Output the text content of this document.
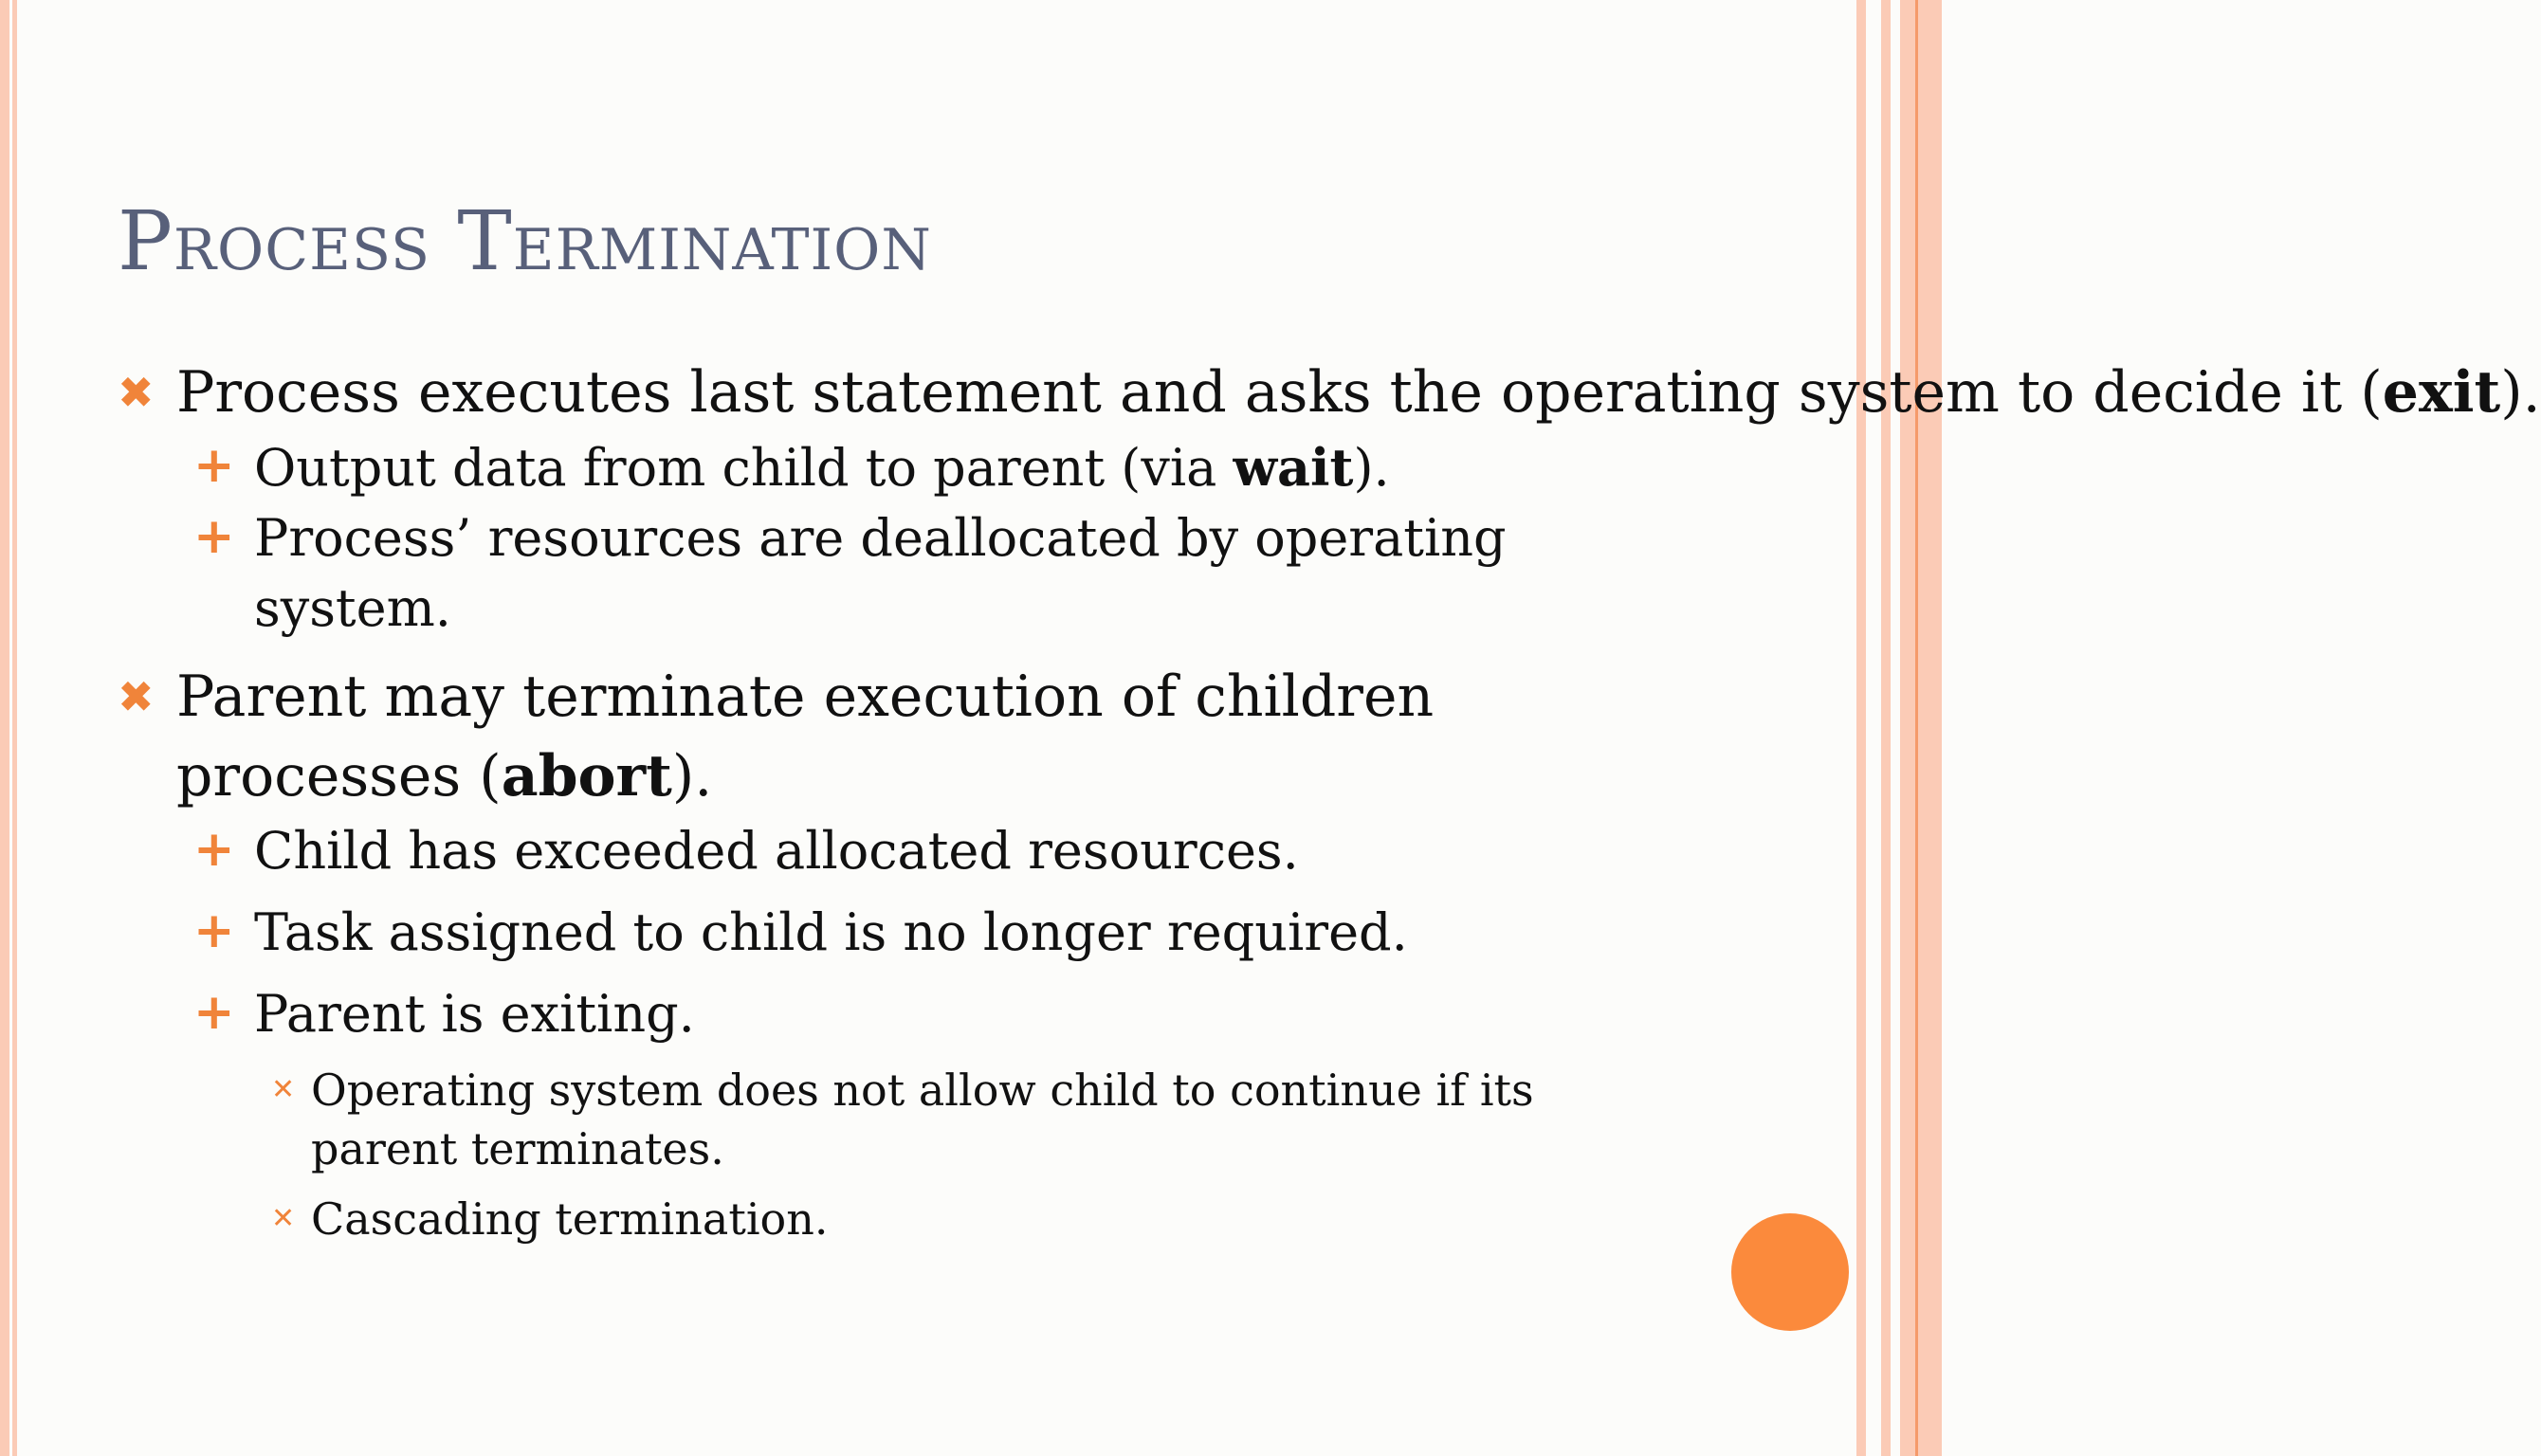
Process Termination
✖ Process executes last statement and asks the operating system to decide it (exit).
+ Output data from child to parent (via wait).
+ Process’ resources are deallocated by operating system.
✖ Parent may terminate execution of children processes (abort).
+ Child has exceeded allocated resources.
+ Task assigned to child is no longer required.
+ Parent is exiting.
✕ Operating system does not allow child to continue if its parent terminates.
✕ Cascading termination.
